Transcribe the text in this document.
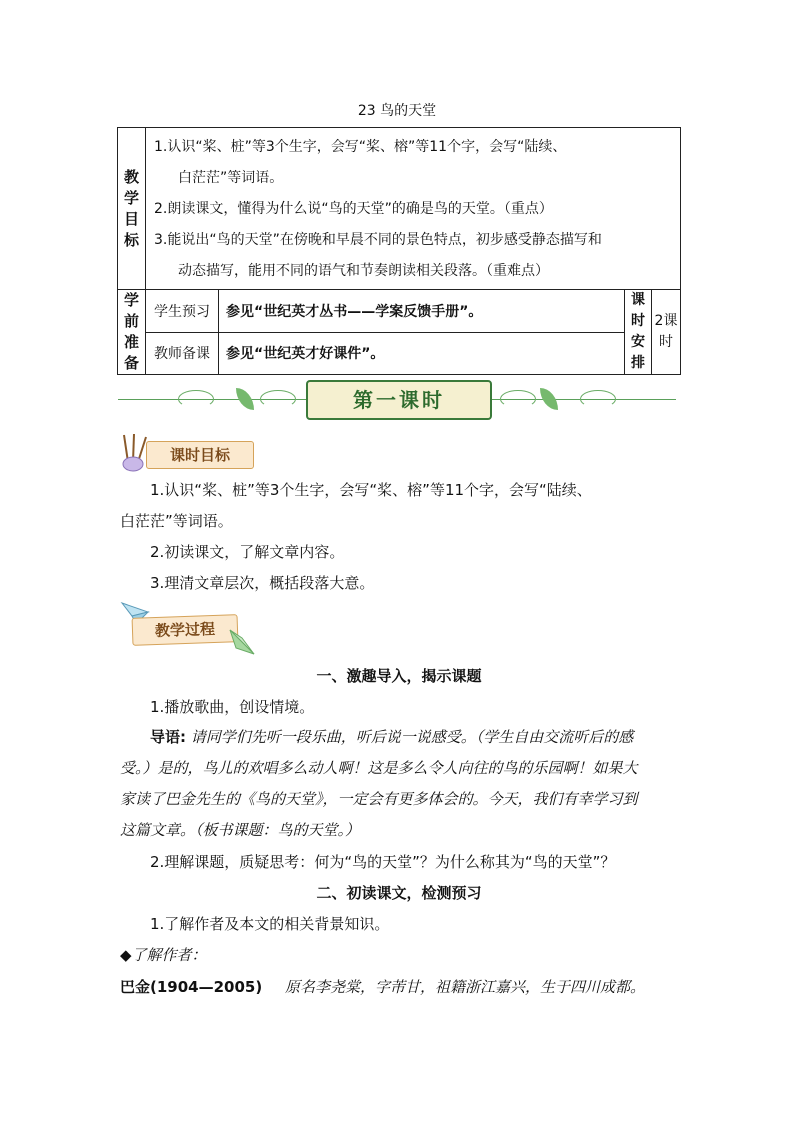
23 鸟的天堂
教学目标	1.认识“桨、桩”等3个生字，会写“桨、榕”等11个字，会写“陆续、
白茫茫”等词语。
2.朗读课文，懂得为什么说“鸟的天堂”的确是鸟的天堂。（重点）
3.能说出“鸟的天堂”在傍晚和早晨不同的景色特点，初步感受静态描写和
动态描写，能用不同的语气和节奏朗读相关段落。（重难点）			

学前准备	学生预习	参见“世纪英才丛书——学案反馈手册”。	课时安排	2课时
	教师备课	参见“世纪英才好课件”。		
第一课时
课时目标
1.认识“桨、桩”等3个生字，会写“桨、榕”等11个字，会写“陆续、
白茫茫”等词语。
2.初读课文，了解文章内容。
3.理清文章层次，概括段落大意。
教学过程
一、激趣导入，揭示课题
1.播放歌曲，创设情境。
导语: 请同学们先听一段乐曲，听后说一说感受。（学生自由交流听后的感
受。）是的，鸟儿的欢唱多么动人啊！这是多么令人向往的鸟的乐园啊！如果大
家读了巴金先生的《鸟的天堂》，一定会有更多体会的。今天，我们有幸学习到
这篇文章。（板书课题：鸟的天堂。）
2.理解课题，质疑思考：何为“鸟的天堂”？为什么称其为“鸟的天堂”？
二、初读课文，检测预习
1.了解作者及本文的相关背景知识。
◆了解作者：
巴金(1904—2005) 原名李尧棠，字芾甘，祖籍浙江嘉兴，生于四川成都。
